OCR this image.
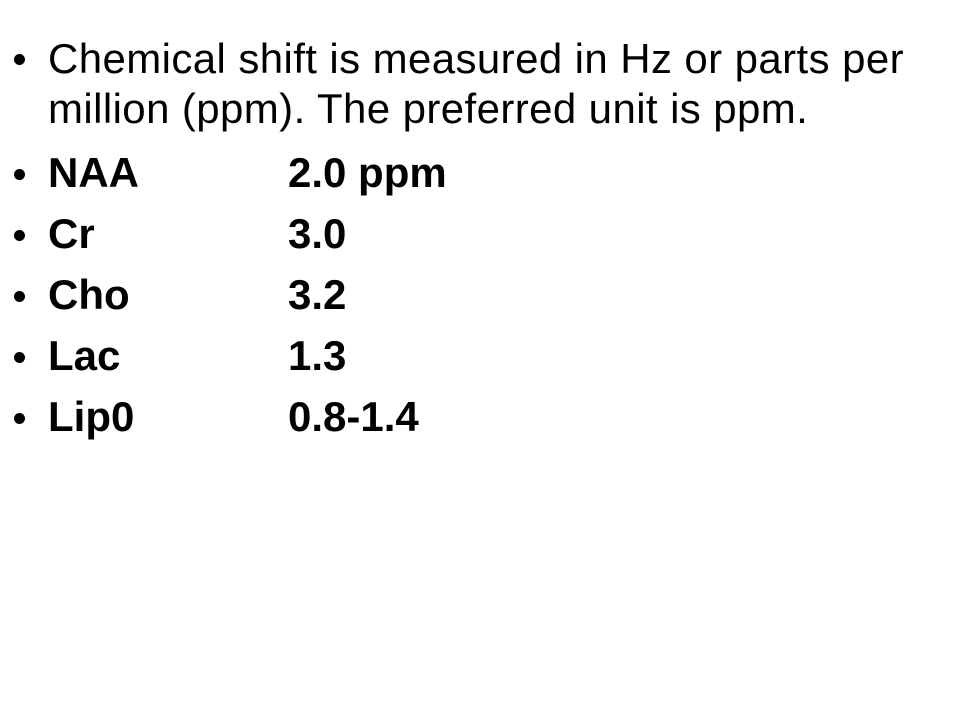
Chemical shift is measured in Hz or parts per
million (ppm). The preferred unit is ppm.
NAA	2.0 ppm
Cr	3.0
Cho	3.2
Lac	1.3
Lip0	0.8-1.4
